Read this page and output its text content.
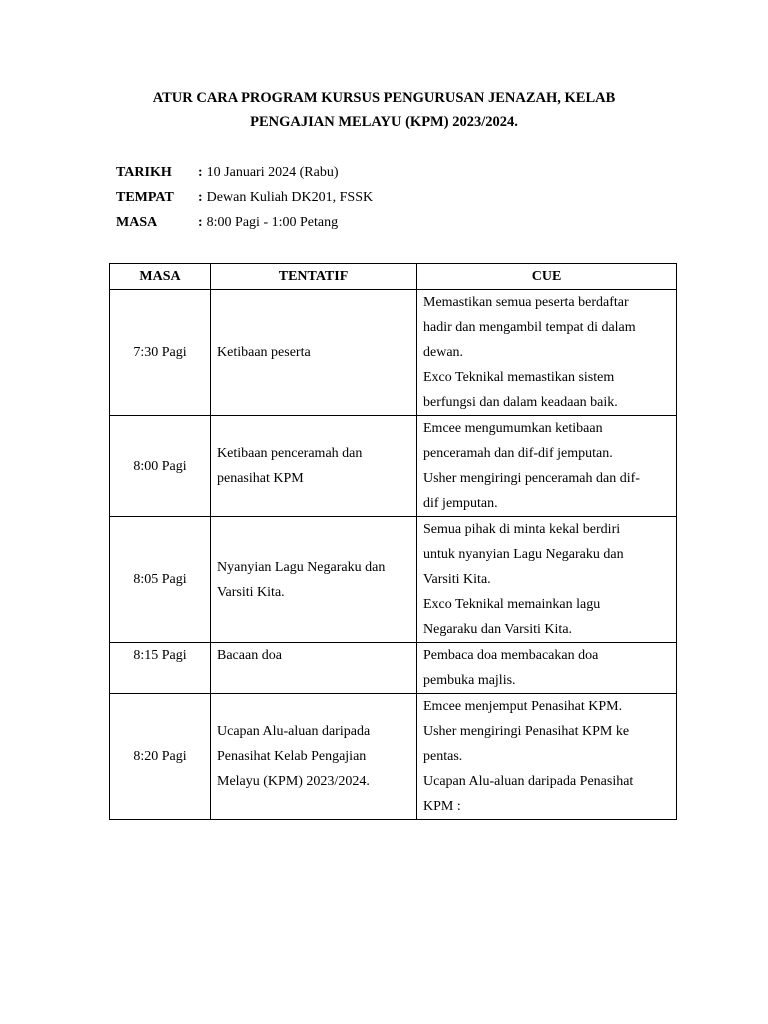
ATUR CARA PROGRAM KURSUS PENGURUSAN JENAZAH, KELAB
PENGAJIAN MELAYU (KPM) 2023/2024.
TARIKH	: 10 Januari 2024 (Rabu)
TEMPAT	: Dewan Kuliah DK201, FSSK
MASA	: 8:00 Pagi - 1:00 Petang
MASA	TENTATIF	CUE
7:30 Pagi	Ketibaan peserta	Memastikan semua peserta berdaftar
hadir dan mengambil tempat di dalam
dewan.
Exco Teknikal memastikan sistem
berfungsi dan dalam keadaan baik.

8:00 Pagi	Ketibaan penceramah dan
penasihat KPM	Emcee mengumumkan ketibaan
penceramah dan dif-dif jemputan.
Usher mengiringi penceramah dan dif-
dif jemputan.

8:05 Pagi	Nyanyian Lagu Negaraku dan
Varsiti Kita.	Semua pihak di minta kekal berdiri
untuk nyanyian Lagu Negaraku dan
Varsiti Kita.
Exco Teknikal memainkan lagu
Negaraku dan Varsiti Kita.

8:15 Pagi	Bacaan doa	Pembaca doa membacakan doa
pembuka majlis.

8:20 Pagi	Ucapan Alu-aluan daripada
Penasihat Kelab Pengajian
Melayu (KPM) 2023/2024.	Emcee menjemput Penasihat KPM.
Usher mengiringi Penasihat KPM ke
pentas.
Ucapan Alu-aluan daripada Penasihat
KPM :
